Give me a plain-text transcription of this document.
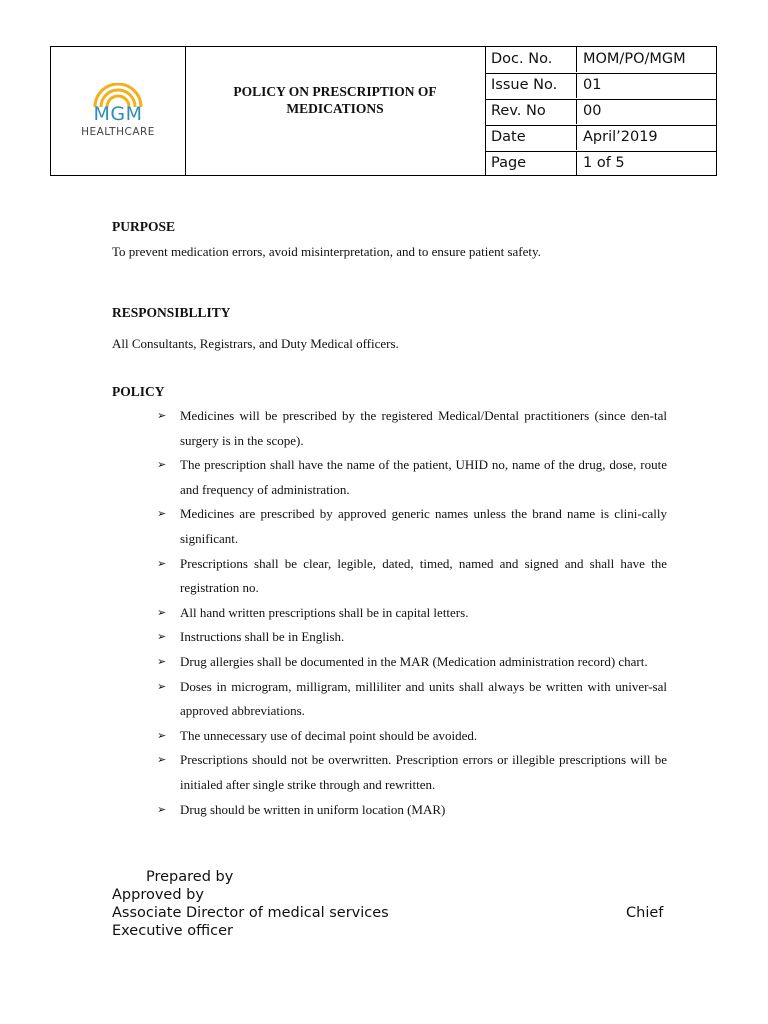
MGM
HEALTHCARE
POLICY ON PRESCRIPTION OF MEDICATIONS
Doc. No.	MOM/PO/MGM
Issue No.	01
Rev. No	00
Date	April’2019
Page	1 of 5
PURPOSE
To prevent medication errors, avoid misinterpretation, and to ensure patient safety.
RESPONSIBLLITY
All Consultants, Registrars, and Duty Medical officers.
POLICY
➢ Medicines will be prescribed by the registered Medical/Dental practitioners (since den-tal surgery is in the scope).
➢ The prescription shall have the name of the patient, UHID no, name of the drug, dose, route and frequency of administration.
➢ Medicines are prescribed by approved generic names unless the brand name is clini-cally significant.
➢ Prescriptions shall be clear, legible, dated, timed, named and signed and shall have the registration no.
➢ All hand written prescriptions shall be in capital letters.
➢ Instructions shall be in English.
➢ Drug allergies shall be documented in the MAR (Medication administration record) chart.
➢ Doses in microgram, milligram, milliliter and units shall always be written with univer-sal approved abbreviations.
➢ The unnecessary use of decimal point should be avoided.
➢ Prescriptions should not be overwritten. Prescription errors or illegible prescriptions will be initialed after single strike through and rewritten.
➢ Drug should be written in uniform location (MAR)
Prepared by
Approved by
Associate Director of medical services	Chief
Executive officer
